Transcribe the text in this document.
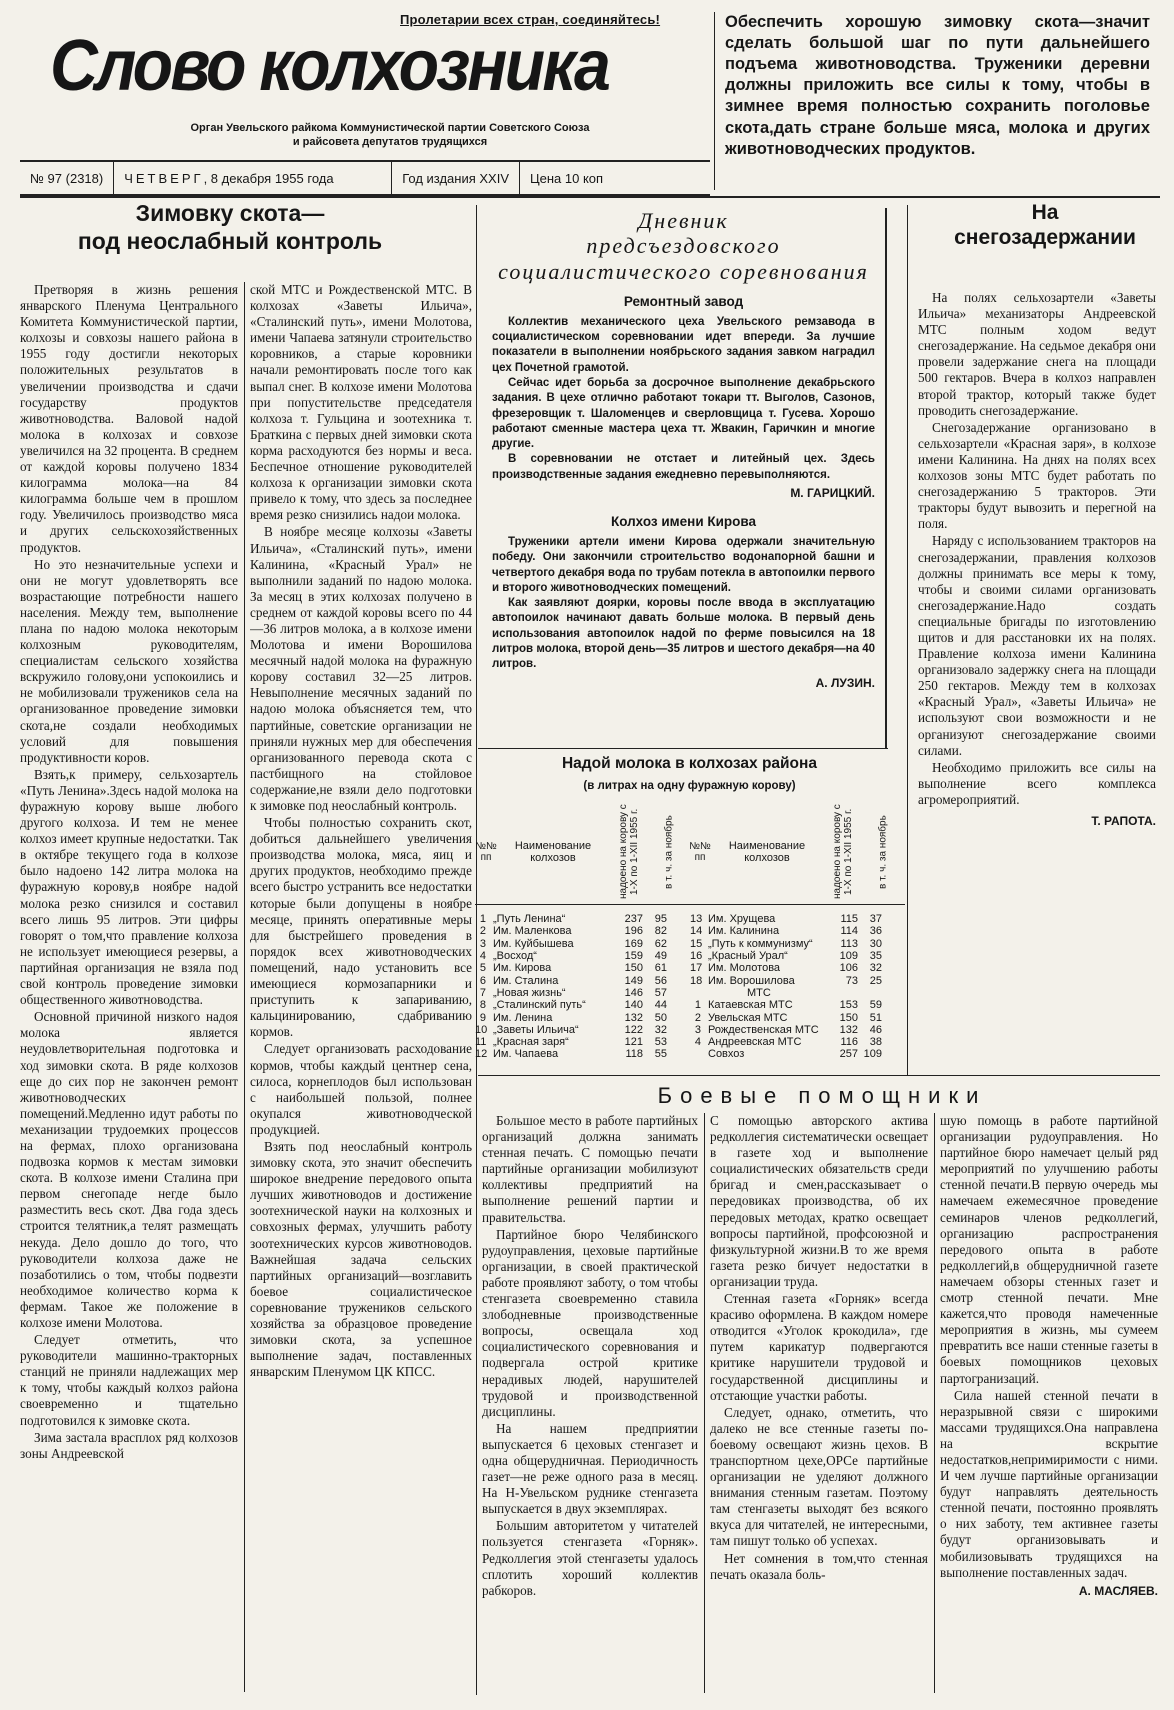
Пролетарии всех стран, соединяйтесь!
Слово колхозника
Орган Увельского райкома Коммунистической партии Советского Союза
и райсовета депутатов трудящихся
№ 97 (2318)	ЧЕТВЕРГ , 8 декабря 1955 года	Год издания XXIV	Цена 10 коп
Обеспечить хорошую зимовку скота—значит сделать большой шаг по пути дальнейшего подъема животноводства. Труженики деревни должны приложить все силы к тому, чтобы в зимнее время полностью сохранить поголовье скота,дать стране больше мяса, молока и других животноводческих продуктов.
Зимовку скота—
под неослабный контроль

Претворяя в жизнь решения январского Пленума Центрального Комитета Коммунистической партии, колхозы и совхозы нашего района в 1955 году достигли некоторых положительных результатов в увеличении производства и сдачи государству продуктов животноводства. Валовой надой молока в колхозах и совхозе увеличился на 32 процента. В среднем от каждой коровы получено 1834 килограмма молока—на 84 килограмма больше чем в прошлом году. Увеличилось производство мяса и других сельскохозяйственных продуктов.

Но это незначительные успехи и они не могут удовлетворять все возрастающие потребности нашего населения. Между тем, выполнение плана по надою молока некоторым колхозным руководителям, специалистам сельского хозяйства вскружило голову,они успокоились и не мобилизовали тружеников села на организованное проведение зимовки скота,не создали необходимых условий для повышения продуктивности коров.

Взять,к примеру, сельхозартель «Путь Ленина».Здесь надой молока на фуражную корову выше любого другого колхоза. И тем не менее колхоз имеет крупные недостатки. Так в октябре текущего года в колхозе было надоено 142 литра молока на фуражную корову,в ноябре надой молока резко снизился и составил всего лишь 95 литров. Эти цифры говорят о том,что правление колхоза не использует имеющиеся резервы, а партийная организация не взяла под свой контроль проведение зимовки общественного животноводства.

Основной причиной низкого надоя молока является неудовлетворительная подготовка и ход зимовки скота. В ряде колхозов еще до сих пор не закончен ремонт животноводческих помещений.Медленно идут работы по механизации трудоемких процессов на фермах, плохо организована подвозка кормов к местам зимовки скота. В колхозе имени Сталина при первом снегопаде негде было разместить весь скот. Два года здесь строится телятник,а телят размещать некуда. Дело дошло до того, что руководители колхоза даже не позаботились о том, чтобы подвезти необходимое количество корма к фермам. Такое же положение в колхозе имени Молотова.

Следует отметить, что руководители машинно-тракторных станций не приняли надлежащих мер к тому, чтобы каждый колхоз района своевременно и тщательно подготовился к зимовке скота.

Зима застала врасплох ряд колхозов зоны Андреевской

ской МТС и Рождественской МТС. В колхозах «Заветы Ильича», «Сталинский путь», имени Молотова, имени Чапаева затянули строительство коровников, а старые коровники начали ремонтировать после того как выпал снег. В колхозе имени Молотова при попустительстве председателя колхоза т. Гульцина и зоотехника т. Браткина с первых дней зимовки скота корма расходуются без нормы и веса. Беспечное отношение руководителей колхоза к организации зимовки скота привело к тому, что здесь за последнее время резко снизились надои молока.

В ноябре месяце колхозы «Заветы Ильича», «Сталинский путь», имени Калинина, «Красный Урал» не выполнили заданий по надою молока. За месяц в этих колхозах получено в среднем от каждой коровы всего по 44—36 литров молока, а в колхозе имени Молотова и имени Ворошилова месячный надой молока на фуражную корову составил 32—25 литров. Невыполнение месячных заданий по надою молока объясняется тем, что партийные, советские организации не приняли нужных мер для обеспечения организованного перевода скота с пастбищного на стойловое содержание,не взяли дело подготовки к зимовке под неослабный контроль.

Чтобы полностью сохранить скот, добиться дальнейшего увеличения производства молока, мяса, яиц и других продуктов, необходимо прежде всего быстро устранить все недостатки которые были допущены в ноябре месяце, принять оперативные меры для быстрейшего проведения в порядок всех животноводческих помещений, надо установить все имеющиеся кормозапарники и приступить к запариванию, кальцинированию, сдабриванию кормов.

Следует организовать расходование кормов, чтобы каждый центнер сена, силоса, корнеплодов был использован с наибольшей пользой, полнее окупался животноводческой продукцией.

Взять под неослабный контроль зимовку скота, это значит обеспечить широкое внедрение передового опыта лучших животноводов и достижение зоотехнической науки на колхозных и совхозных фермах, улучшить работу зоотехнических курсов животноводов. Важнейшая задача сельских партийных организаций—возглавить боевое социалистическое соревнование тружеников сельского хозяйства за образцовое проведение зимовки скота, за успешное выполнение задач, поставленных январским Пленумом ЦК КПСС.

Дневник
предсъездовского
социалистического соревнования
Ремонтный завод

Коллектив механического цеха Увельского ремзавода в социалистическом соревновании идет впереди. За лучшие показатели в выполнении ноябрьского задания завком наградил цех Почетной грамотой.

Сейчас идет борьба за досрочное выполнение декабрьского задания. В цехе отлично работают токари тт. Выголов, Сазонов, фрезеровщик т. Шаломенцев и сверловщица т. Гусева. Хорошо работают сменные мастера цеха тт. Жвакин, Гаричкин и многие другие.

В соревновании не отстает и литейный цех. Здесь производственные задания ежедневно перевыполняются.

М. ГАРИЦКИЙ.
Колхоз имени Кирова

Труженики артели имени Кирова одержали значительную победу. Они закончили строительство водонапорной башни и четвертого декабря вода по трубам потекла в автопоилки первого и второго животноводческих помещений.

Как заявляют доярки, коровы после ввода в эксплуатацию автопоилок начинают давать больше молока. В первый день использования автопоилок надой по ферме повысился на 18 литров молока, второй день—35 литров и шестого декабря—на 40 литров.

А. ЛУЗИН.
Надой молока в колхозах района
(в литрах на одну фуражную корову)
№№ пп
Наименование колхозов	надоено на корову с 1-Х по 1-ХII 1955 г.	в т. ч. за ноябрь	№№ пп
Наименование колхозов	надоено на корову с 1-Х по 1-ХII 1955 г.	в т. ч. за ноябрь
1 „Путь Ленина“	237	95
2 Им. Маленкова	196	82
3 Им. Куйбышева	169	62
4 „Восход“	159	49
5 Им. Кирова	150	61
6 Им. Сталина	149	56
7 „Новая жизнь“	146	57
8 „Сталинский путь“	140	44
9 Им. Ленина	132	50
10 „Заветы Ильича“	122	32
11 „Красная заря“	121	53
12 Им. Чапаева	118	55
13 Им. Хрущева	115	37
14 Им. Калинина	114	36
15 „Путь к коммунизму“	113	30
16 „Красный Урал“	109	35
17 Им. Молотова	106	32
18 Им. Ворошилова	73	25
МТС
1 Катаевская МТС	153	59
2 Увельская МТС	150	51
3 Рождественская МТС	132	46
4 Андреевская МТС	116	38
Совхоз	257 109
На
снегозадержании

На полях сельхозартели «Заветы Ильича» механизаторы Андреевской МТС полным ходом ведут снегозадержание. На седьмое декабря они провели задержание снега на площади 500 гектаров. Вчера в колхоз направлен второй трактор, который также будет проводить снегозадержание.

Снегозадержание организовано в сельхозартели «Красная заря», в колхозе имени Калинина. На днях на полях всех колхозов зоны МТС будет работать по снегозадержанию 5 тракторов. Эти тракторы будут вывозить и перегной на поля.

Наряду с использованием тракторов на снегозадержании, правления колхозов должны принимать все меры к тому, чтобы и своими силами организовать снегозадержание.Надо создать специальные бригады по изготовлению щитов и для расстановки их на полях. Правление колхоза имени Калинина организовало задержку снега на площади 250 гектаров. Между тем в колхозах «Красный Урал», «Заветы Ильича» не используют свои возможности и не организуют снегозадержание своими силами.

Необходимо приложить все силы на выполнение всего комплекса агромероприятий.

Т. РАПОТА.
Боевые помощники

Большое место в работе партийных организаций должна занимать стенная печать. С помощью печати партийные организации мобилизуют коллективы предприятий на выполнение решений партии и правительства.

Партийное бюро Челябинского рудоуправления, цеховые партийные организации, в своей практической работе проявляют заботу, о том чтобы стенгазета своевременно ставила злободневные производственные вопросы, освещала ход социалистического соревнования и подвергала острой критике нерадивых людей, нарушителей трудовой и производственной дисциплины.

На нашем предприятии выпускается 6 цеховых стенгазет и одна общерудничная. Периодичность газет—не реже одного раза в месяц. На Н-Увельском руднике стенгазета выпускается в двух экземплярах.

Большим авторитетом у читателей пользуется стенгазета «Горняк». Редколлегия этой стенгазеты удалось сплотить хороший коллектив рабкоров.

С помощью авторского актива редколлегия систематически освещает в газете ход и выполнение социалистических обязательств среди бригад и смен,рассказывает о передовиках производства, об их передовых методах, кратко освещает вопросы партийной, профсоюзной и физкультурной жизни.В то же время газета резко бичует недостатки в организации труда.

Стенная газета «Горняк» всегда красиво оформлена. В каждом номере отводится «Уголок крокодила», где путем карикатур подвергаются критике нарушители трудовой и государственной дисциплины и отстающие участки работы.

Следует, однако, отметить, что далеко не все стенные газеты по-боевому освещают жизнь цехов. В транспортном цехе,ОРСе партийные организации не уделяют должного внимания стенным газетам. Поэтому там стенгазеты выходят без всякого вкуса для читателей, не интересными, там пишут только об успехах.

Нет сомнения в том,что стенная печать оказала боль-

шую помощь в работе партийной организации рудоуправления. Но партийное бюро намечает целый ряд мероприятий по улучшению работы стенной печати.В первую очередь мы намечаем ежемесячное проведение семинаров членов редколлегий, организацию распространения передового опыта в работе редколлегий,в общерудничной газете намечаем обзоры стенных газет и смотр стенной печати. Мне кажется,что проводя намеченные мероприятия в жизнь, мы сумеем превратить все наши стенные газеты в боевых помощников цеховых партогранизаций.

Сила нашей стенной печати в неразрывной связи с широкими массами трудящихся.Она направлена на вскрытие недостатков,непримиримости с ними. И чем лучше партийные организации будут направлять деятельность стенной печати, постоянно проявлять о них заботу, тем активнее газеты будут организовывать и мобилизовывать трудящихся на выполнение поставленных задач.

А. МАСЛЯЕВ.
